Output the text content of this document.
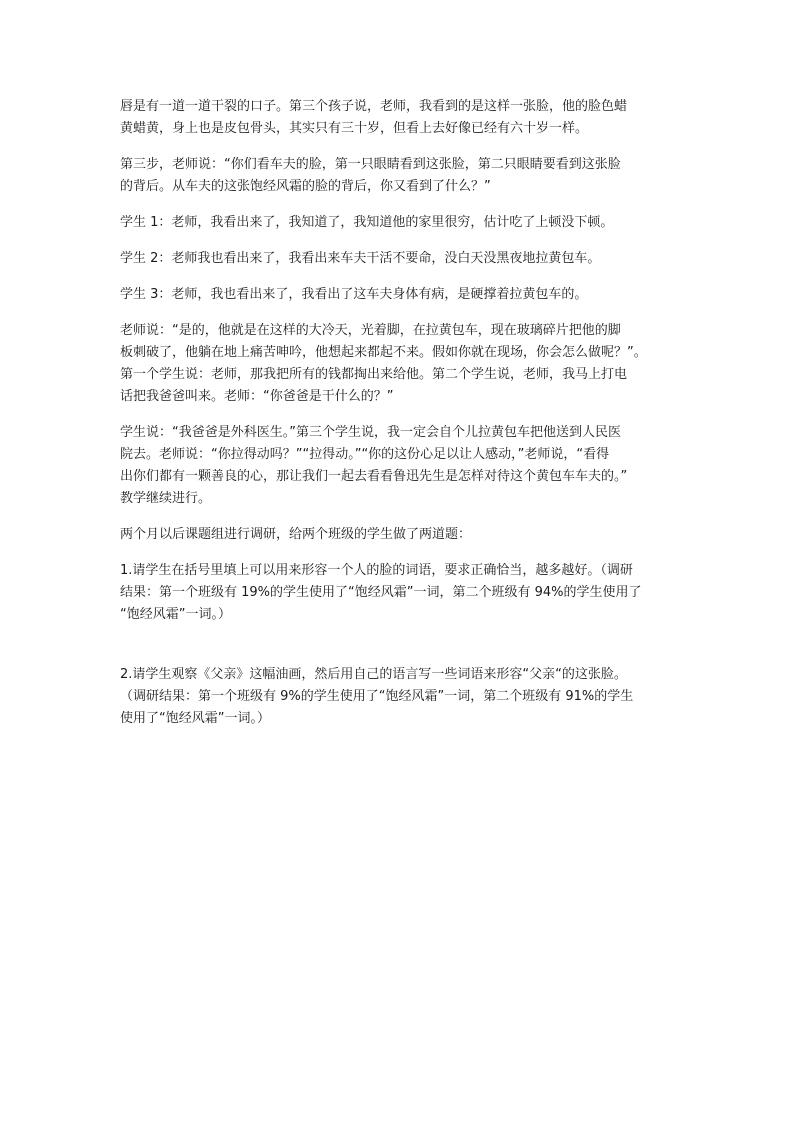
唇是有一道一道干裂的口子。第三个孩子说，老师，我看到的是这样一张脸，他的脸色蜡
黄蜡黄，身上也是皮包骨头，其实只有三十岁，但看上去好像已经有六十岁一样。

第三步，老师说：“你们看车夫的脸，第一只眼睛看到这张脸，第二只眼睛要看到这张脸
的背后。从车夫的这张饱经风霜的脸的背后，你又看到了什么？”

学生 1：老师，我看出来了，我知道了，我知道他的家里很穷，估计吃了上顿没下顿。

学生 2：老师我也看出来了，我看出来车夫干活不要命，没白天没黑夜地拉黄包车。

学生 3：老师，我也看出来了，我看出了这车夫身体有病，是硬撑着拉黄包车的。

老师说：“是的，他就是在这样的大冷天，光着脚，在拉黄包车，现在玻璃碎片把他的脚
板刺破了，他躺在地上痛苦呻吟，他想起来都起不来。假如你就在现场，你会怎么做呢？”。
第一个学生说：老师，那我把所有的钱都掏出来给他。第二个学生说，老师，我马上打电
话把我爸爸叫来。老师：“你爸爸是干什么的？”

学生说：“我爸爸是外科医生。”第三个学生说，我一定会自个儿拉黄包车把他送到人民医
院去。老师说：“你拉得动吗？”“拉得动。”“你的这份心足以让人感动，”老师说，“看得
出你们都有一颗善良的心，那让我们一起去看看鲁迅先生是怎样对待这个黄包车车夫的。”
教学继续进行。

两个月以后课题组进行调研，给两个班级的学生做了两道题：

1.请学生在括号里填上可以用来形容一个人的脸的词语，要求正确恰当，越多越好。（调研
结果：第一个班级有 19%的学生使用了“饱经风霜”一词，第二个班级有 94%的学生使用了
“饱经风霜”一词。）

2.请学生观察《父亲》这幅油画，然后用自己的语言写一些词语来形容“父亲“的这张脸。
（调研结果：第一个班级有 9%的学生使用了“饱经风霜”一词，第二个班级有 91%的学生
使用了“饱经风霜”一词。）
